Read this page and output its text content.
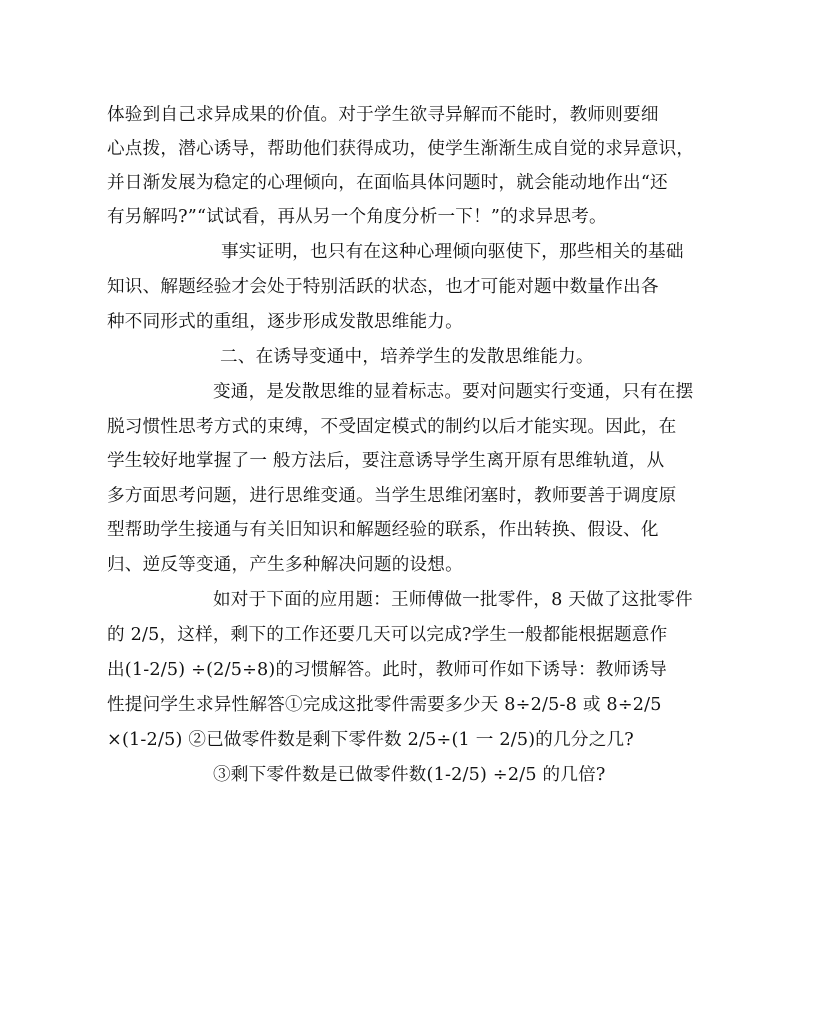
体验到自己求异成果的价值。对于学生欲寻异解而不能时，教师则要细
心点拨，潜心诱导，帮助他们获得成功，使学生渐渐生成自觉的求异意识，
并日渐发展为稳定的心理倾向，在面临具体问题时，就会能动地作出“还
有另解吗?”“试试看，再从另一个角度分析一下！”的求异思考。
事实证明，也只有在这种心理倾向驱使下，那些相关的基础
知识、解题经验才会处于特别活跃的状态，也才可能对题中数量作出各
种不同形式的重组，逐步形成发散思维能力。
二、在诱导变通中，培养学生的发散思维能力。
变通，是发散思维的显着标志。要对问题实行变通，只有在摆
脱习惯性思考方式的束缚，不受固定模式的制约以后才能实现。因此，在
学生较好地掌握了一 般方法后，要注意诱导学生离开原有思维轨道，从
多方面思考问题，进行思维变通。当学生思维闭塞时，教师要善于调度原
型帮助学生接通与有关旧知识和解题经验的联系，作出转换、假设、化
归、逆反等变通，产生多种解决问题的设想。
如对于下面的应用题：王师傅做一批零件，8 天做了这批零件
的 2/5，这样，剩下的工作还要几天可以完成?学生一般都能根据题意作
出(1-2/5) ÷(2/5÷8)的习惯解答。此时，教师可作如下诱导：教师诱导
性提问学生求异性解答①完成这批零件需要多少天 8÷2/5-8 或 8÷2/5
×(1-2/5) ②已做零件数是剩下零件数 2/5÷(1 一 2/5)的几分之几?
③剩下零件数是已做零件数(1-2/5) ÷2/5 的几倍?
